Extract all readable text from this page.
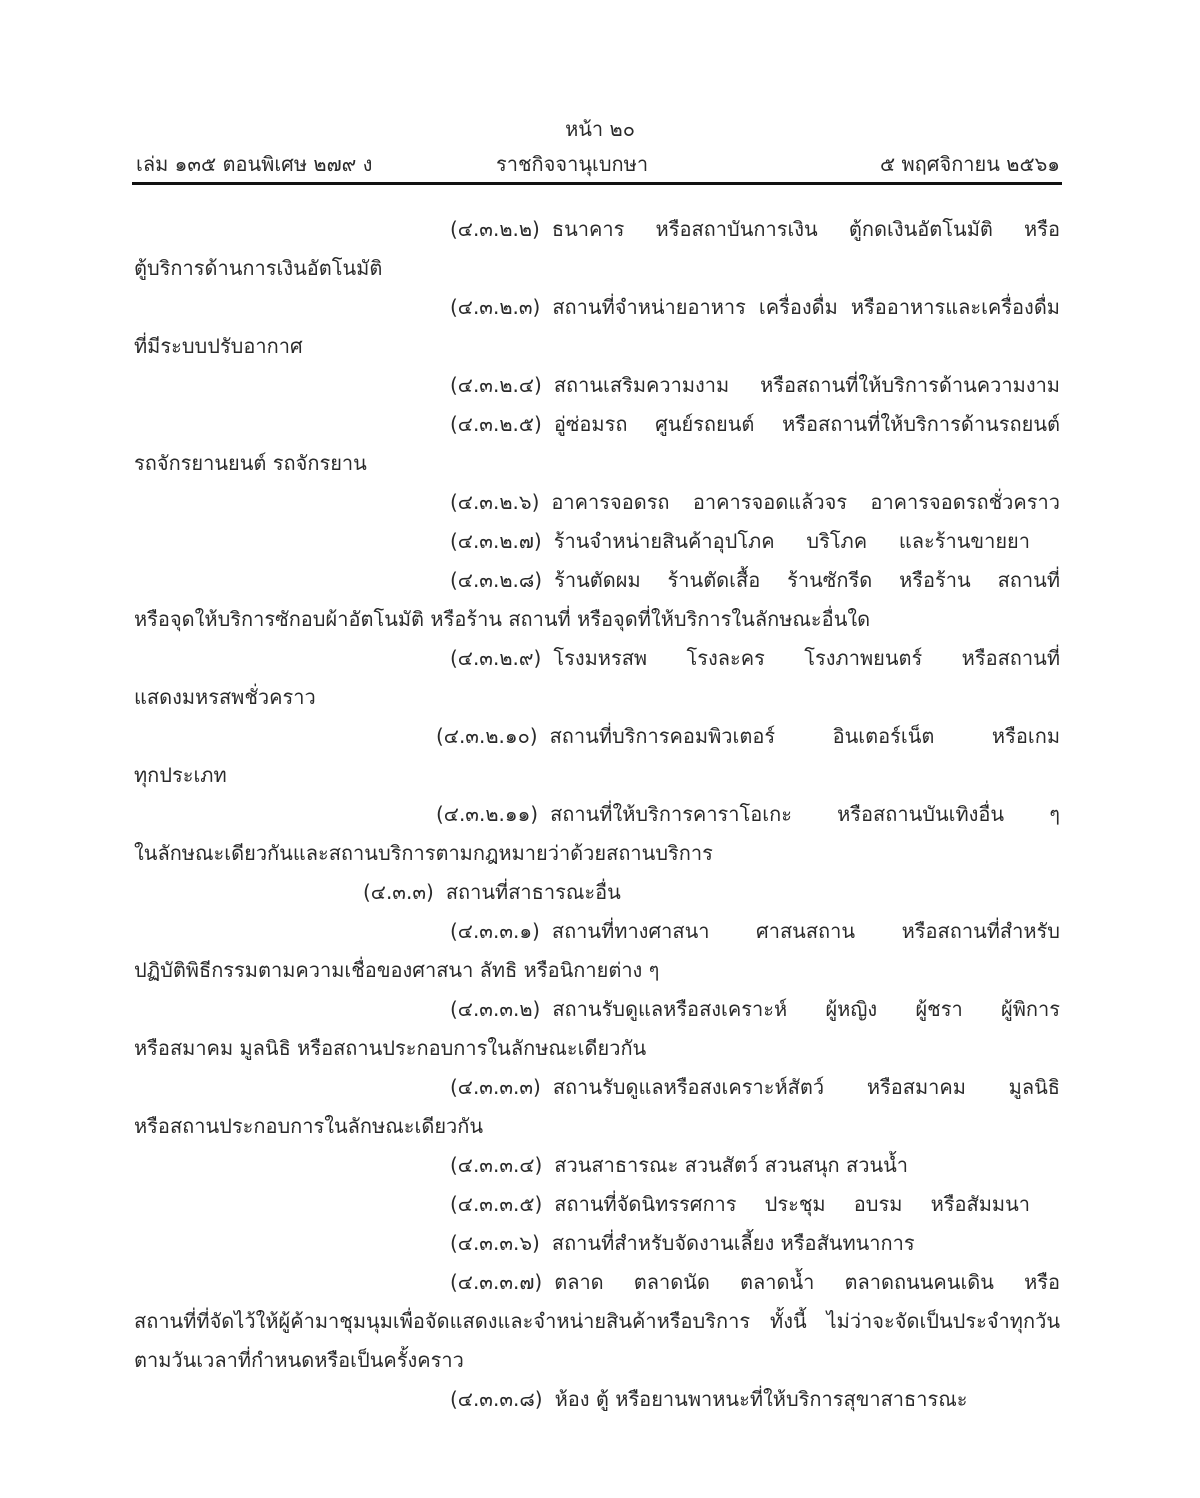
หน้า ๒๐
เล่ม ๑๓๕ ตอนพิเศษ ๒๗๙ ง	ราชกิจจานุเบกษา	๕ พฤศจิกายน ๒๕๖๑
(๔.๓.๒.๒) ธนาคาร หรือสถาบันการเงิน ตู้กดเงินอัตโนมัติ หรือ
ตู้บริการด้านการเงินอัตโนมัติ
(๔.๓.๒.๓) สถานที่จำหน่ายอาหาร เครื่องดื่ม หรืออาหารและเครื่องดื่ม
ที่มีระบบปรับอากาศ
(๔.๓.๒.๔) สถานเสริมความงาม หรือสถานที่ให้บริการด้านความงาม
(๔.๓.๒.๕) อู่ซ่อมรถ ศูนย์รถยนต์ หรือสถานที่ให้บริการด้านรถยนต์
รถจักรยานยนต์ รถจักรยาน
(๔.๓.๒.๖) อาคารจอดรถ อาคารจอดแล้วจร อาคารจอดรถชั่วคราว
(๔.๓.๒.๗) ร้านจำหน่ายสินค้าอุปโภค บริโภค และร้านขายยา
(๔.๓.๒.๘) ร้านตัดผม ร้านตัดเสื้อ ร้านซักรีด หรือร้าน สถานที่
หรือจุดให้บริการซักอบผ้าอัตโนมัติ หรือร้าน สถานที่ หรือจุดที่ให้บริการในลักษณะอื่นใด
(๔.๓.๒.๙) โรงมหรสพ โรงละคร โรงภาพยนตร์ หรือสถานที่
แสดงมหรสพชั่วคราว
(๔.๓.๒.๑๐) สถานที่บริการคอมพิวเตอร์ อินเตอร์เน็ต หรือเกม
ทุกประเภท
(๔.๓.๒.๑๑) สถานที่ให้บริการคาราโอเกะ หรือสถานบันเทิงอื่น ๆ
ในลักษณะเดียวกันและสถานบริการตามกฎหมายว่าด้วยสถานบริการ
(๔.๓.๓) สถานที่สาธารณะอื่น
(๔.๓.๓.๑) สถานที่ทางศาสนา ศาสนสถาน หรือสถานที่สำหรับ
ปฏิบัติพิธีกรรมตามความเชื่อของศาสนา ลัทธิ หรือนิกายต่าง ๆ
(๔.๓.๓.๒) สถานรับดูแลหรือสงเคราะห์ ผู้หญิง ผู้ชรา ผู้พิการ
หรือสมาคม มูลนิธิ หรือสถานประกอบการในลักษณะเดียวกัน
(๔.๓.๓.๓) สถานรับดูแลหรือสงเคราะห์สัตว์ หรือสมาคม มูลนิธิ
หรือสถานประกอบการในลักษณะเดียวกัน
(๔.๓.๓.๔) สวนสาธารณะ สวนสัตว์ สวนสนุก สวนน้ำ
(๔.๓.๓.๕) สถานที่จัดนิทรรศการ ประชุม อบรม หรือสัมมนา
(๔.๓.๓.๖) สถานที่สำหรับจัดงานเลี้ยง หรือสันทนาการ
(๔.๓.๓.๗) ตลาด ตลาดนัด ตลาดน้ำ ตลาดถนนคนเดิน หรือ
สถานที่ที่จัดไว้ให้ผู้ค้ามาชุมนุมเพื่อจัดแสดงและจำหน่ายสินค้าหรือบริการ ทั้งนี้ ไม่ว่าจะจัดเป็นประจำทุกวัน
ตามวันเวลาที่กำหนดหรือเป็นครั้งคราว
(๔.๓.๓.๘) ห้อง ตู้ หรือยานพาหนะที่ให้บริการสุขาสาธารณะ
